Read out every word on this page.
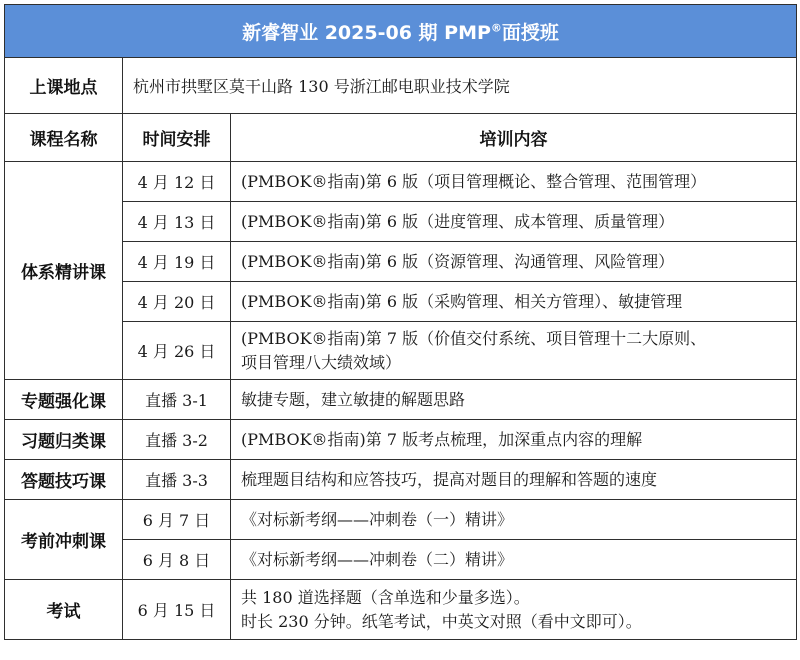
新睿智业 2025-06 期 PMP®面授班		
上课地点	杭州市拱墅区莫干山路 130 号浙江邮电职业技术学院	
课程名称	时间安排	培训内容
体系精讲课	4 月 12 日	(PMBOK®指南)第 6 版（项目管理概论、整合管理、范围管理）
	4 月 13 日	(PMBOK®指南)第 6 版（进度管理、成本管理、质量管理）
	4 月 19 日	(PMBOK®指南)第 6 版（资源管理、沟通管理、风险管理）
	4 月 20 日	(PMBOK®指南)第 6 版（采购管理、相关方管理）、敏捷管理
	4 月 26 日	(PMBOK®指南)第 7 版（价值交付系统、项目管理十二大原则、
项目管理八大绩效域）

专题强化课	直播 3-1	敏捷专题，建立敏捷的解题思路
习题归类课	直播 3-2	(PMBOK®指南)第 7 版考点梳理，加深重点内容的理解
答题技巧课	直播 3-3	梳理题目结构和应答技巧，提高对题目的理解和答题的速度
考前冲刺课	6 月 7 日	《对标新考纲——冲刺卷（一）精讲》
	6 月 8 日	《对标新考纲——冲刺卷（二）精讲》
考试	6 月 15 日	共 180 道选择题（含单选和少量多选）。
时长 230 分钟。纸笔考试，中英文对照（看中文即可）。
